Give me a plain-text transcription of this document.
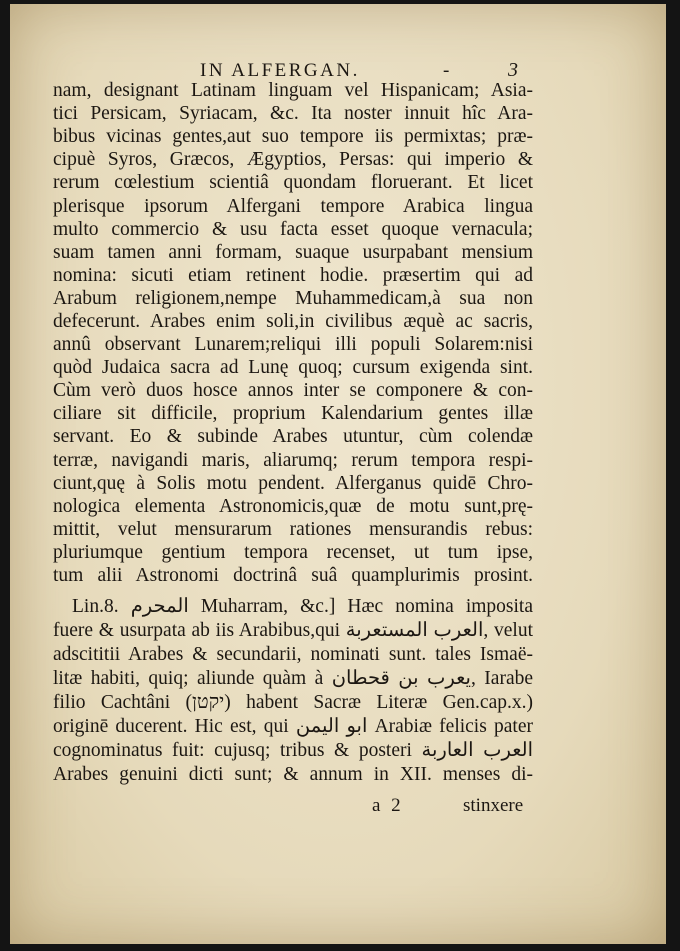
IN ALFERGAN.	-	3
nam, designant Latinam linguam vel Hispanicam; Asia-
tici Persicam, Syriacam, &c. Ita noster innuit hîc Ara-
bibus vicinas gentes,aut suo tempore iis permixtas; præ-
cipuè Syros, Græcos, Ægyptios, Persas: qui imperio &
rerum cœlestium scientiâ quondam floruerant. Et licet
plerisque ipsorum Alfergani tempore Arabica lingua
multo commercio & usu facta esset quoque vernacula;
suam tamen anni formam, suaque usurpabant mensium
nomina: sicuti etiam retinent hodie. præsertim qui ad
Arabum religionem,nempe Muhammedicam,à sua non
defecerunt. Arabes enim soli,in civilibus æquè ac sacris,
annû observant Lunarem;reliqui illi populi Solarem:nisi
quòd Judaica sacra ad Lunę quoq; cursum exigenda sint.
Cùm verò duos hosce annos inter se componere & con-
ciliare sit difficile, proprium Kalendarium gentes illæ
servant. Eo & subinde Arabes utuntur, cùm colendæ
terræ, navigandi maris, aliarumq; rerum tempora respi-
ciunt,quę à Solis motu pendent. Alferganus quidē Chro-
nologica elementa Astronomicis,quæ de motu sunt,prę-
mittit, velut mensurarum rationes mensurandis rebus:
pluriumque gentium tempora recenset, ut tum ipse,
tum alii Astronomi doctrinâ suâ quamplurimis prosint.
Lin.8. المحرم Muharram, &c.] Hæc nomina imposita
fuere & usurpata ab iis Arabibus,qui العرب المستعربة, velut
adscititii Arabes & secundarii, nominati sunt. tales Ismaë-
litæ habiti, quiq; aliunde quàm à يعرب بن قحطان, Iarabe
filio Cachtâni (יקטן) habent Sacræ Literæ Gen.cap.x.)
originē ducerent. Hic est, qui ابو اليمن Arabiæ felicis pater
cognominatus fuit: cujusq; tribus & posteri العرب العاربة
Arabes genuini dicti sunt; & annum in XII. menses di-
a 2	stinxere
